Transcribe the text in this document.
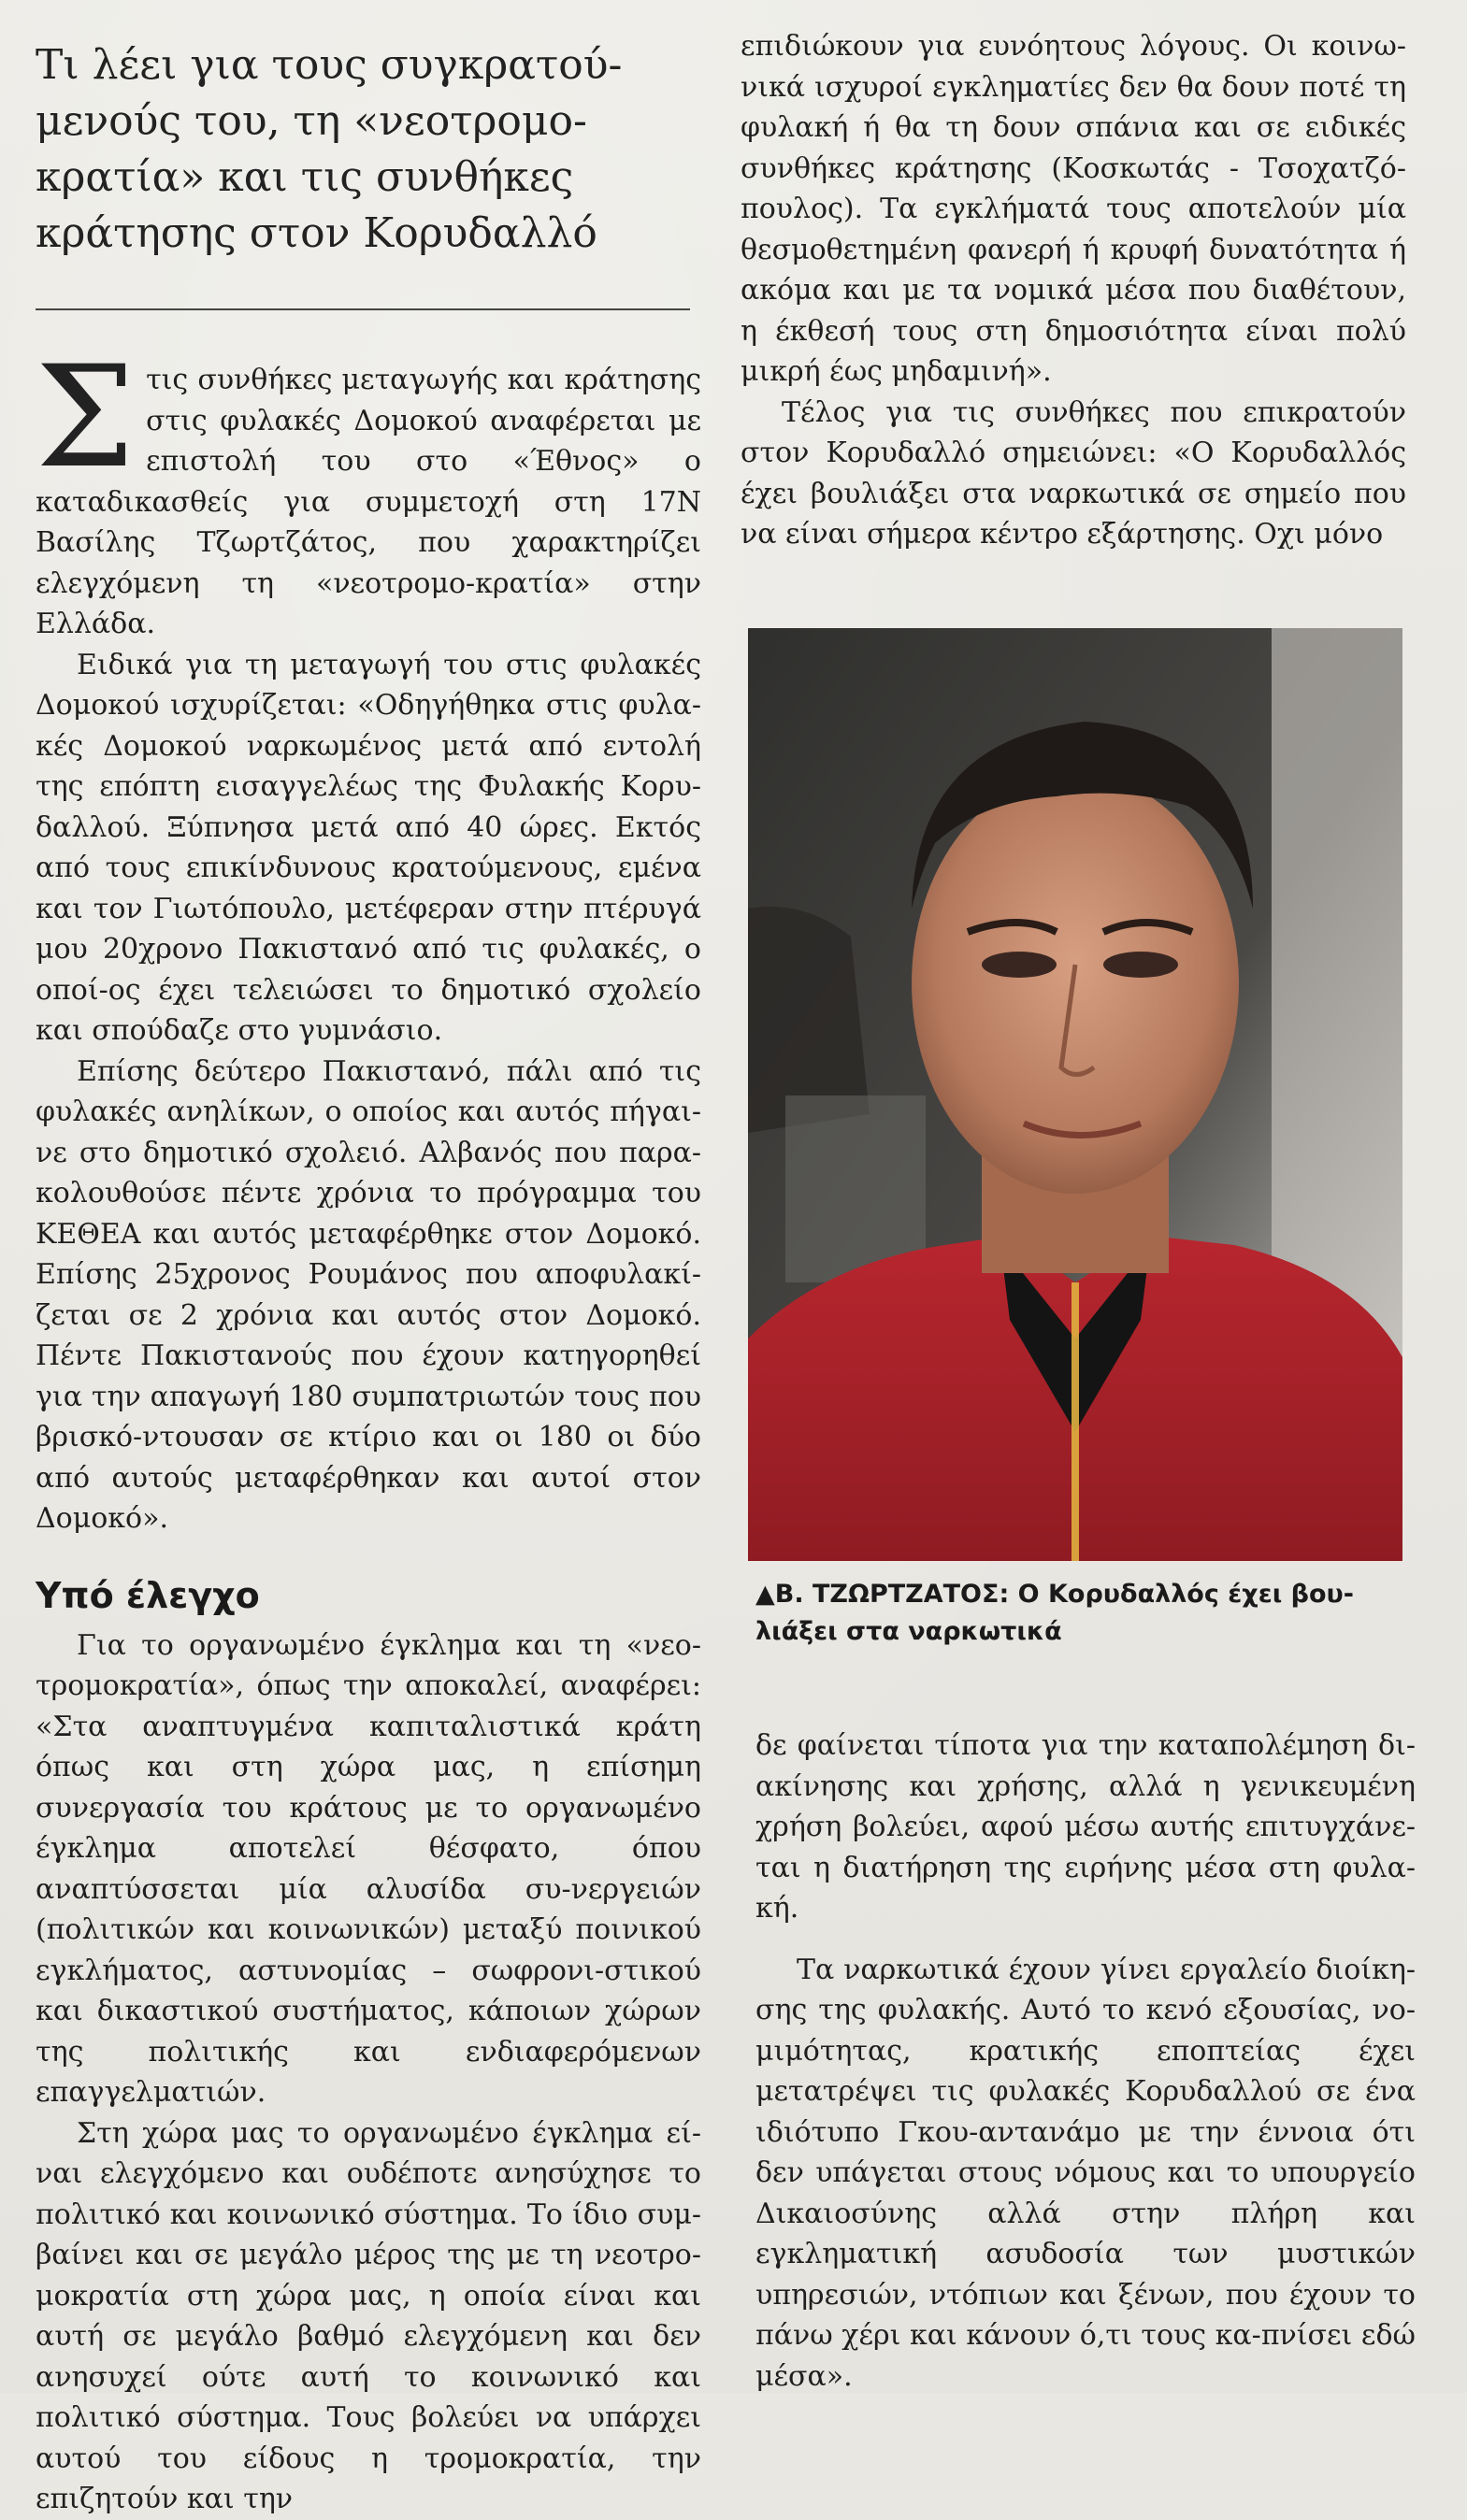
Τι λέει για τους συγκρατού-μενούς του, τη «νεοτρομο-κρατία» και τις συνθήκες κράτησης στον Κορυδαλλό

Στις συνθήκες μεταγωγής και κράτησης στις φυλακές Δομοκού αναφέρεται με επιστολή του στο «Έθνος» ο καταδικασθείς για συμμετοχή στη 17Ν Βασίλης Τζωρτζάτος, που χαρακτηρίζει ελεγχόμενη τη «νεοτρομο-κρατία» στην Ελλάδα.

Ειδικά για τη μεταγωγή του στις φυλακές Δομοκού ισχυρίζεται: «Οδηγήθηκα στις φυλα-κές Δομοκού ναρκωμένος μετά από εντολή της επόπτη εισαγγελέως της Φυλακής Κορυ-δαλλού. Ξύπνησα μετά από 40 ώρες. Εκτός από τους επικίνδυνους κρατούμενους, εμένα και τον Γιωτόπουλο, μετέφεραν στην πτέρυγά μου 20χρονο Πακιστανό από τις φυλακές, ο οποί-ος έχει τελειώσει το δημοτικό σχολείο και σπούδαζε στο γυμνάσιο.

Επίσης δεύτερο Πακιστανό, πάλι από τις φυλακές ανηλίκων, ο οποίος και αυτός πήγαι-νε στο δημοτικό σχολειό. Αλβανός που παρα-κολουθούσε πέντε χρόνια το πρόγραμμα του ΚΕΘΕΑ και αυτός μεταφέρθηκε στον Δομοκό. Επίσης 25χρονος Ρουμάνος που αποφυλακί-ζεται σε 2 χρόνια και αυτός στον Δομοκό. Πέντε Πακιστανούς που έχουν κατηγορηθεί για την απαγωγή 180 συμπατριωτών τους που βρισκό-ντουσαν σε κτίριο και οι 180 οι δύο από αυτούς μεταφέρθηκαν και αυτοί στον Δομοκό».

Υπό έλεγχο

Για το οργανωμένο έγκλημα και τη «νεο-τρομοκρατία», όπως την αποκαλεί, αναφέρει: «Στα αναπτυγμένα καπιταλιστικά κράτη όπως και στη χώρα μας, η επίσημη συνεργασία του κράτους με το οργανωμένο έγκλημα αποτελεί θέσφατο, όπου αναπτύσσεται μία αλυσίδα συ-νεργειών (πολιτικών και κοινωνικών) μεταξύ ποινικού εγκλήματος, αστυνομίας – σωφρονι-στικού και δικαστικού συστήματος, κάποιων χώρων της πολιτικής και ενδιαφερόμενων επαγγελματιών.

Στη χώρα μας το οργανωμένο έγκλημα εί-ναι ελεγχόμενο και ουδέποτε ανησύχησε το πολιτικό και κοινωνικό σύστημα. Το ίδιο συμ-βαίνει και σε μεγάλο μέρος της με τη νεοτρο-μοκρατία στη χώρα μας, η οποία είναι και αυτή σε μεγάλο βαθμό ελεγχόμενη και δεν ανησυχεί ούτε αυτή το κοινωνικό και πολιτικό σύστημα. Τους βολεύει να υπάρχει αυτού του είδους η τρομοκρατία, την επιζητούν και την

επιδιώκουν για ευνόητους λόγους. Οι κοινω-νικά ισχυροί εγκληματίες δεν θα δουν ποτέ τη φυλακή ή θα τη δουν σπάνια και σε ειδικές συνθήκες κράτησης (Κοσκωτάς - Τσοχατζό-πουλος). Τα εγκλήματά τους αποτελούν μία θεσμοθετημένη φανερή ή κρυφή δυνατότητα ή ακόμα και με τα νομικά μέσα που διαθέτουν, η έκθεσή τους στη δημοσιότητα είναι πολύ μικρή έως μηδαμινή».

Τέλος για τις συνθήκες που επικρατούν στον Κορυδαλλό σημειώνει: «Ο Κορυδαλλός έχει βουλιάξει στα ναρκωτικά σε σημείο που να είναι σήμερα κέντρο εξάρτησης. Οχι μόνο

▲Β. ΤΖΩΡΤΖΑΤΟΣ: Ο Κορυδαλλός έχει βου-λιάξει στα ναρκωτικά

δε φαίνεται τίποτα για την καταπολέμηση δι-ακίνησης και χρήσης, αλλά η γενικευμένη χρήση βολεύει, αφού μέσω αυτής επιτυγχάνε-ται η διατήρηση της ειρήνης μέσα στη φυλα-κή.

Τα ναρκωτικά έχουν γίνει εργαλείο διοίκη-σης της φυλακής. Αυτό το κενό εξουσίας, νο-μιμότητας, κρατικής εποπτείας έχει μετατρέψει τις φυλακές Κορυδαλλού σε ένα ιδιότυπο Γκου-αντανάμο με την έννοια ότι δεν υπάγεται στους νόμους και το υπουργείο Δικαιοσύνης αλλά στην πλήρη και εγκληματική ασυδοσία των μυστικών υπηρεσιών, ντόπιων και ξένων, που έχουν το πάνω χέρι και κάνουν ό,τι τους κα-πνίσει εδώ μέσα».
